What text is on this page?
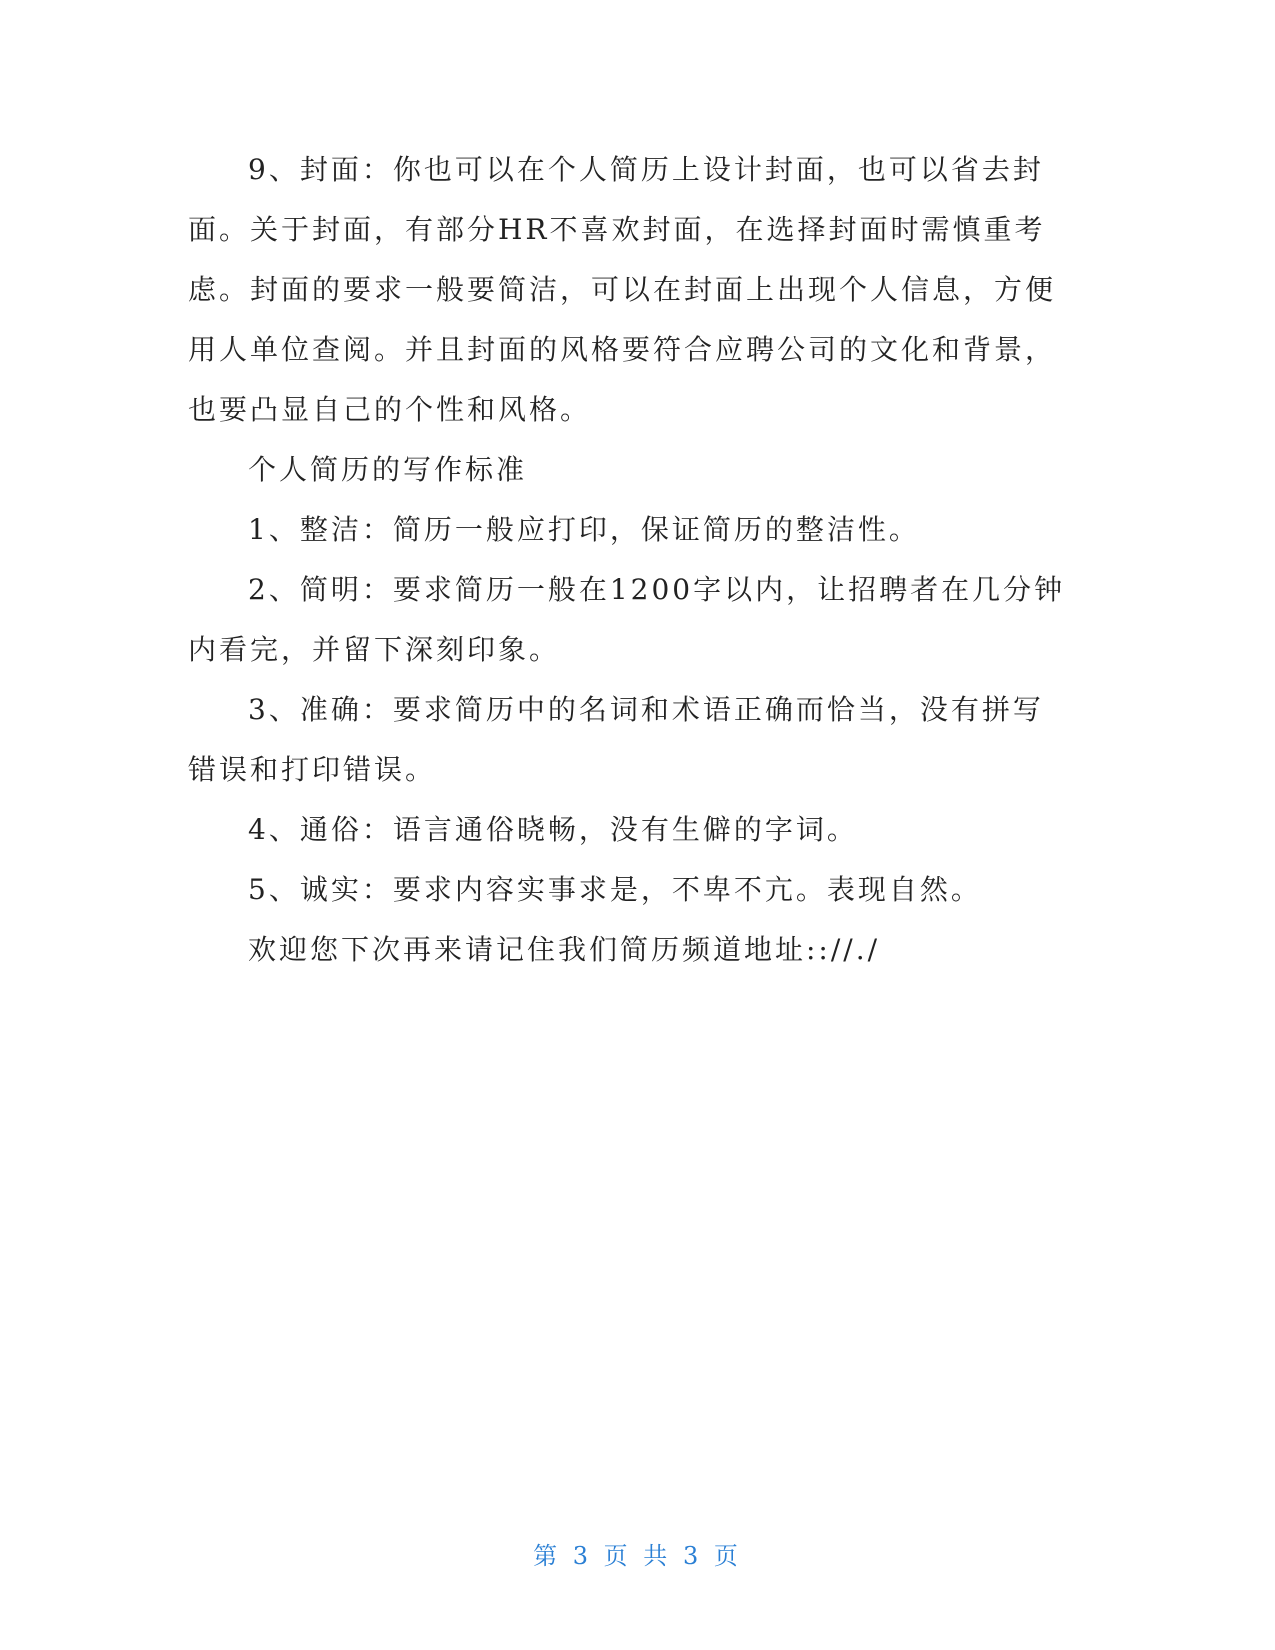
9、封面：你也可以在个人简历上设计封面，也可以省去封面。关于封面，有部分HR不喜欢封面，在选择封面时需慎重考虑。封面的要求一般要简洁，可以在封面上出现个人信息，方便用人单位查阅。并且封面的风格要符合应聘公司的文化和背景，也要凸显自己的个性和风格。

个人简历的写作标准

1、整洁：简历一般应打印，保证简历的整洁性。

2、简明：要求简历一般在1200字以内，让招聘者在几分钟内看完，并留下深刻印象。

3、准确：要求简历中的名词和术语正确而恰当，没有拼写错误和打印错误。

4、通俗：语言通俗晓畅，没有生僻的字词。

5、诚实：要求内容实事求是，不卑不亢。表现自然。

欢迎您下次再来请记住我们简历频道地址:://./

第 3 页 共 3 页
